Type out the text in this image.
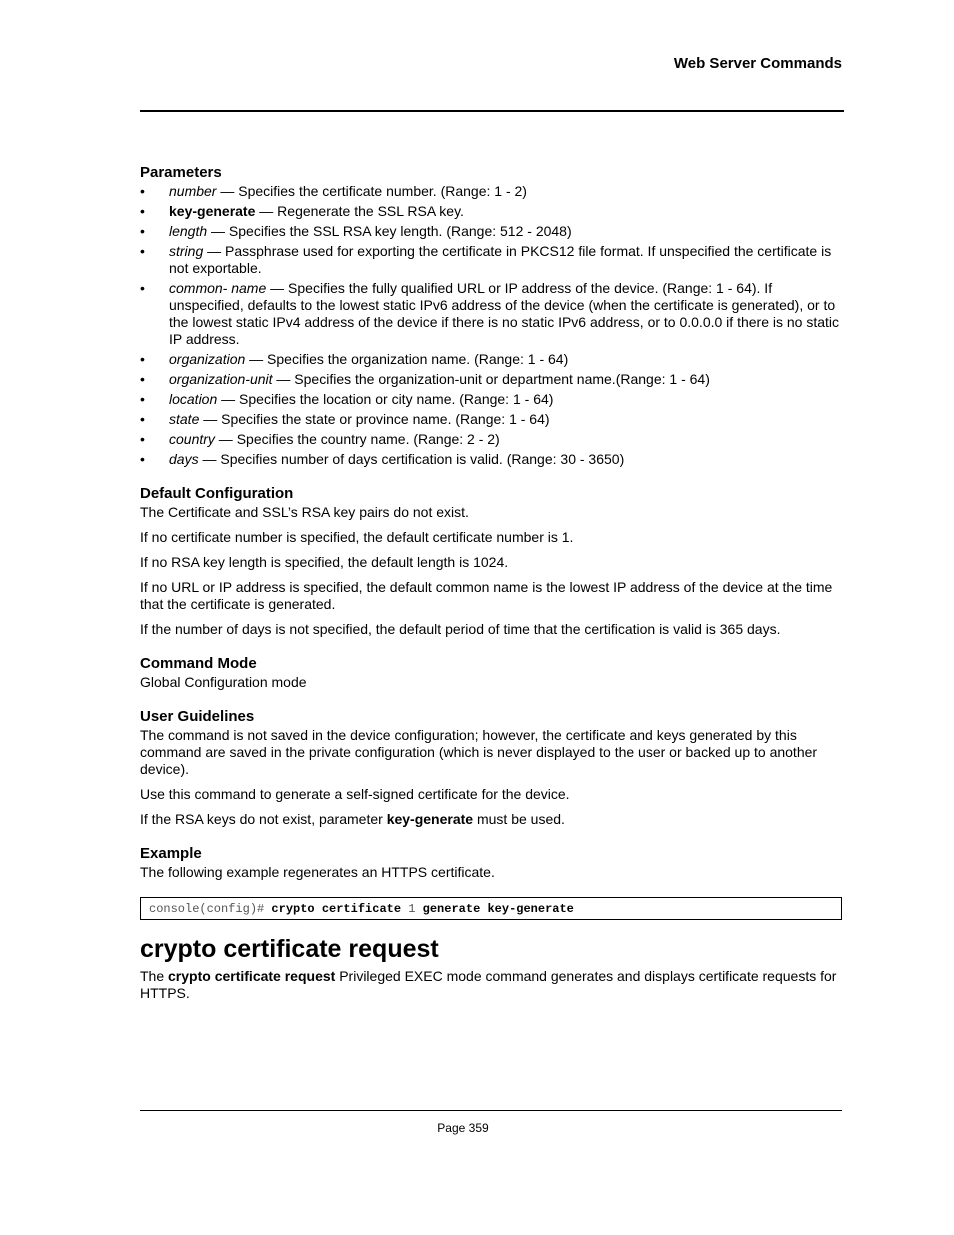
Web Server Commands
Parameters
• number — Specifies the certificate number. (Range: 1 - 2)
• key-generate — Regenerate the SSL RSA key.
• length — Specifies the SSL RSA key length. (Range: 512 - 2048)
• string — Passphrase used for exporting the certificate in PKCS12 file format. If unspecified the certificate is not exportable.
• common- name — Specifies the fully qualified URL or IP address of the device. (Range: 1 - 64). If unspecified, defaults to the lowest static IPv6 address of the device (when the certificate is generated), or to the lowest static IPv4 address of the device if there is no static IPv6 address, or to 0.0.0.0 if there is no static IP address.
• organization — Specifies the organization name. (Range: 1 - 64)
• organization-unit — Specifies the organization-unit or department name.(Range: 1 - 64)
• location — Specifies the location or city name. (Range: 1 - 64)
• state — Specifies the state or province name. (Range: 1 - 64)
• country — Specifies the country name. (Range: 2 - 2)
• days — Specifies number of days certification is valid. (Range: 30 - 3650)
Default Configuration

The Certificate and SSL’s RSA key pairs do not exist.

If no certificate number is specified, the default certificate number is 1.

If no RSA key length is specified, the default length is 1024.

If no URL or IP address is specified, the default common name is the lowest IP address of the device at the time that the certificate is generated.

If the number of days is not specified, the default period of time that the certification is valid is 365 days.

Command Mode

Global Configuration mode

User Guidelines

The command is not saved in the device configuration; however, the certificate and keys generated by this command are saved in the private configuration (which is never displayed to the user or backed up to another device).

Use this command to generate a self-signed certificate for the device.

If the RSA keys do not exist, parameter key-generate must be used.

Example

The following example regenerates an HTTPS certificate.

console(config)# crypto certificate 1 generate key-generate
crypto certificate request

The crypto certificate request Privileged EXEC mode command generates and displays certificate requests for HTTPS.

Page 359
